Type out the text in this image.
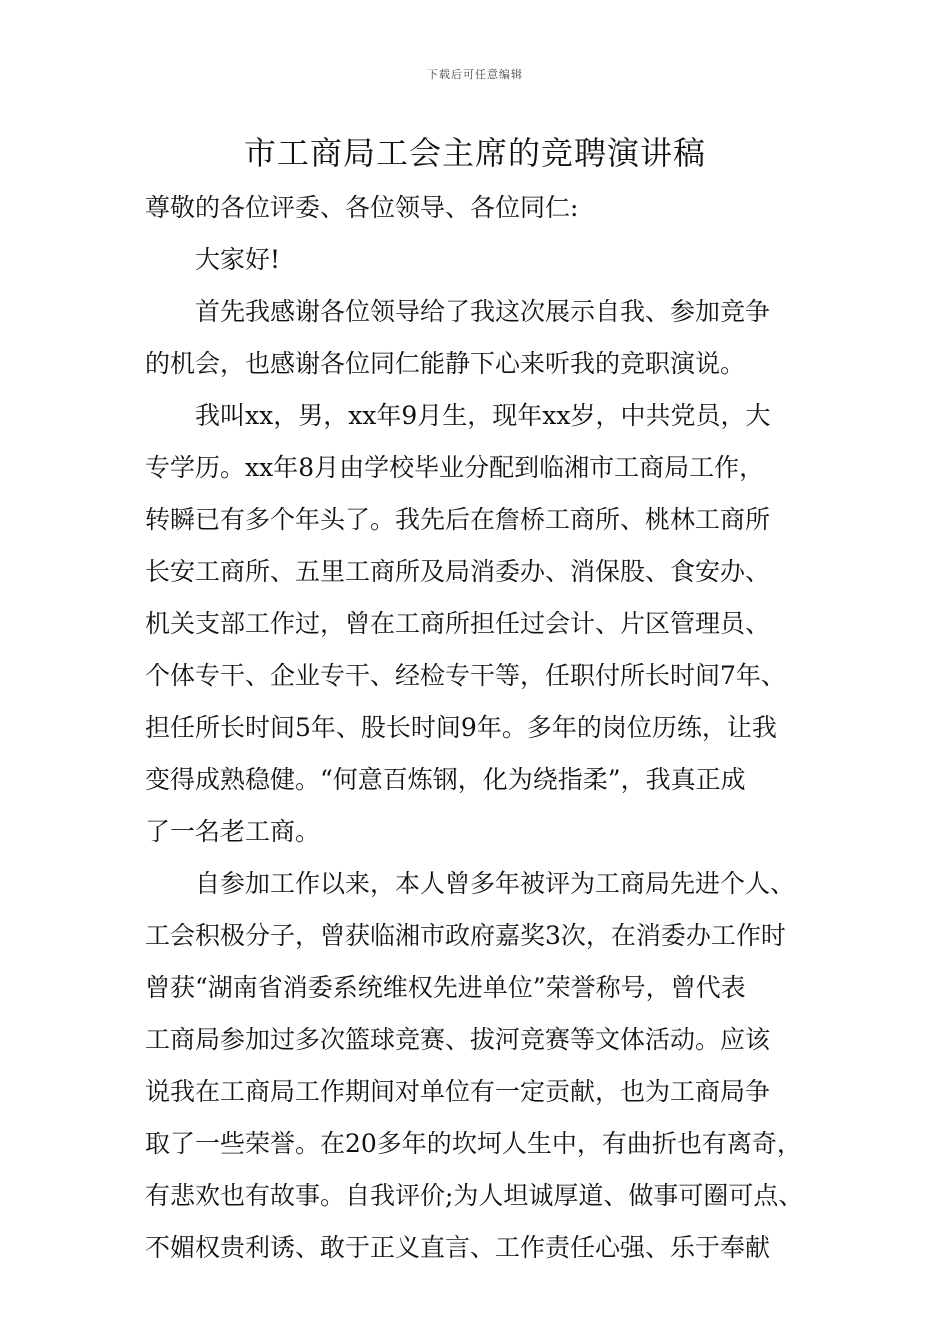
下载后可任意编辑
市工商局工会主席的竞聘演讲稿
尊敬的各位评委、各位领导、各位同仁:
大家好!
首先我感谢各位领导给了我这次展示自我、参加竞争
的机会，也感谢各位同仁能静下心来听我的竞职演说。
我叫xx，男，xx年9月生，现年xx岁，中共党员，大
专学历。xx年8月由学校毕业分配到临湘市工商局工作，
转瞬已有多个年头了。我先后在詹桥工商所、桃林工商所
长安工商所、五里工商所及局消委办、消保股、食安办、
机关支部工作过，曾在工商所担任过会计、片区管理员、
个体专干、企业专干、经检专干等，任职付所长时间7年、
担任所长时间5年、股长时间9年。多年的岗位历练，让我
变得成熟稳健。“何意百炼钢，化为绕指柔”，我真正成
了一名老工商。
自参加工作以来，本人曾多年被评为工商局先进个人、
工会积极分子，曾获临湘市政府嘉奖3次，在消委办工作时
曾获“湖南省消委系统维权先进单位”荣誉称号，曾代表
工商局参加过多次篮球竞赛、拔河竞赛等文体活动。应该
说我在工商局工作期间对单位有一定贡献，也为工商局争
取了一些荣誉。在20多年的坎坷人生中，有曲折也有离奇，
有悲欢也有故事。自我评价;为人坦诚厚道、做事可圈可点、
不媚权贵利诱、敢于正义直言、工作责任心强、乐于奉献
